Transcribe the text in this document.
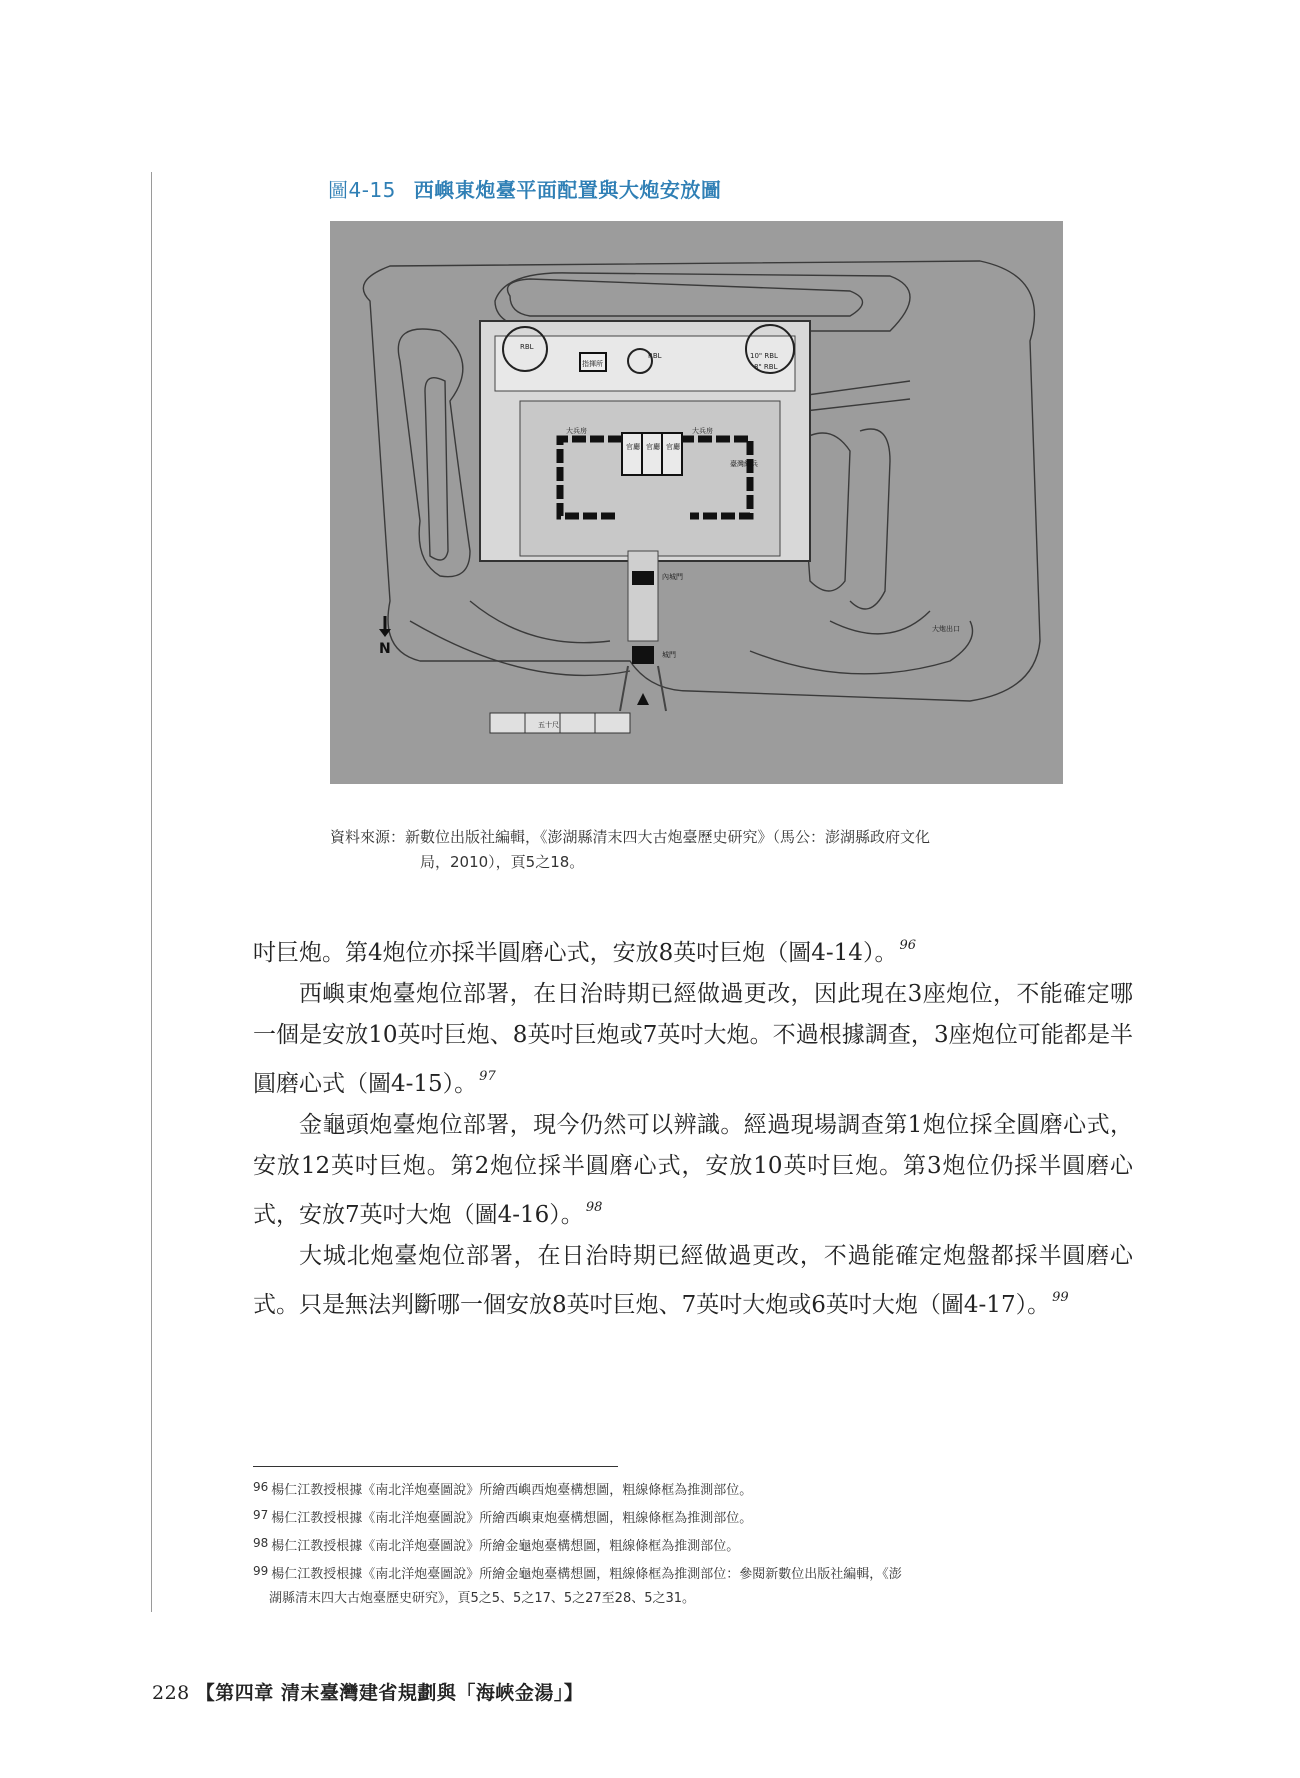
圖4-15 西嶼東炮臺平面配置與大炮安放圖
RBL
RBL	10" RBL
8" RBL
指揮所
大兵房	大兵房
官廳 官廳 官廳
臺灣總兵
內城門
城門
大炮出口
N
五十尺
資料來源：新數位出版社編輯，《澎湖縣清末四大古炮臺歷史研究》（馬公：澎湖縣政府文化
局，2010），頁5之18。

吋巨炮。第4炮位亦採半圓磨心式，安放8英吋巨炮（圖4-14）。 $^{96}$

西嶼東炮臺炮位部署，在日治時期已經做過更改，因此現在3座炮位，不能確定哪一個是安放10英吋巨炮、8英吋巨炮或7英吋大炮。不過根據調查，3座炮位可能都是半圓磨心式（圖4-15）。 $^{97}$

金龜頭炮臺炮位部署，現今仍然可以辨識。經過現場調查第1炮位採全圓磨心式，安放12英吋巨炮。第2炮位採半圓磨心式，安放10英吋巨炮。第3炮位仍採半圓磨心式，安放7英吋大炮（圖4-16）。 $^{98}$

大城北炮臺炮位部署，在日治時期已經做過更改，不過能確定炮盤都採半圓磨心式。只是無法判斷哪一個安放8英吋巨炮、7英吋大炮或6英吋大炮（圖4-17）。 $^{99}$

96 楊仁江教授根據《南北洋炮臺圖說》所繪西嶼西炮臺構想圖，粗線條框為推測部位。
97 楊仁江教授根據《南北洋炮臺圖說》所繪西嶼東炮臺構想圖，粗線條框為推測部位。
98 楊仁江教授根據《南北洋炮臺圖說》所繪金龜炮臺構想圖，粗線條框為推測部位。
99 楊仁江教授根據《南北洋炮臺圖說》所繪金龜炮臺構想圖，粗線條框為推測部位：參閱新數位出版社編輯，《澎
湖縣清末四大古炮臺歷史研究》，頁5之5、5之17、5之27至28、5之31。
228 【第四章 清末臺灣建省規劃與「海峽金湯」】
